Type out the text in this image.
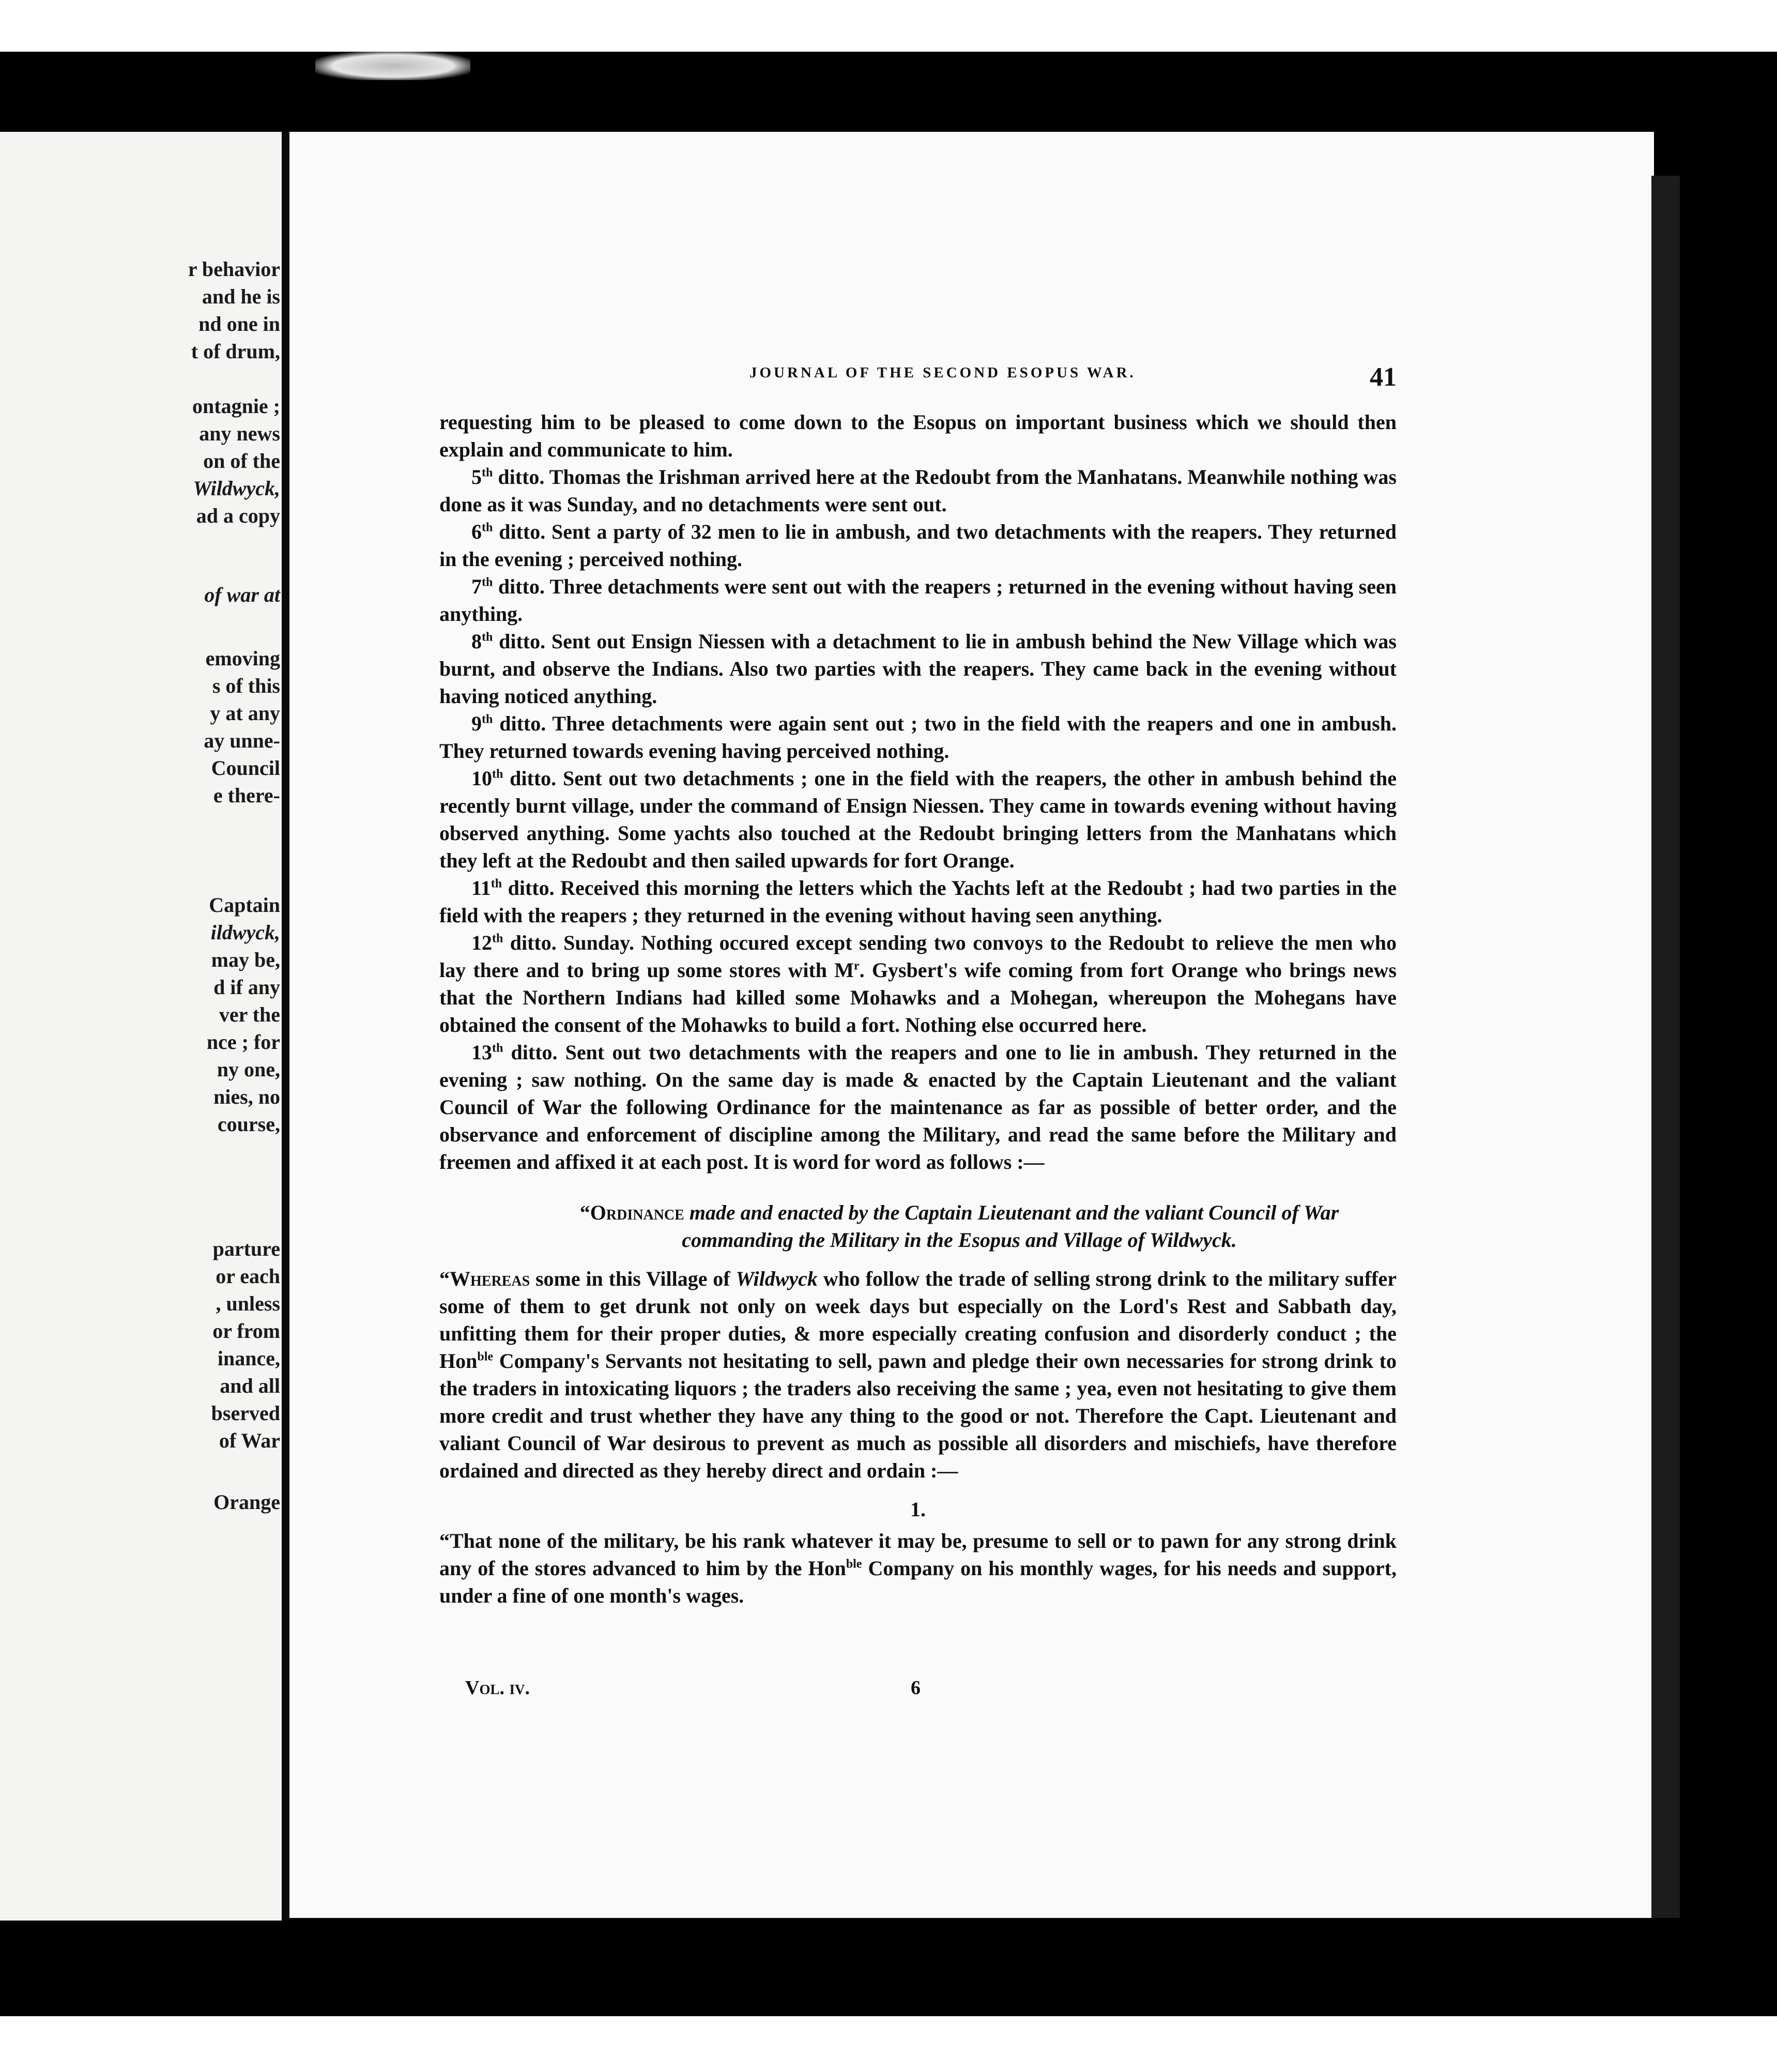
r behavior
and he is
nd one in
t of drum,
ontagnie ;
any news
on of the
Wildwyck,
ad a copy
of war at
emoving
s of this
y at any
ay unne-
Council
e there-
Captain
ildwyck,
may be,
d if any
ver the
nce ; for
ny one,
nies, no
course,
parture
or each
, unless
or from
inance,
and all
bserved
of War
Orange
JOURNAL OF THE SECOND ESOPUS WAR.	41

requesting him to be pleased to come down to the Esopus on important business which we should then explain and communicate to him.

5th ditto. Thomas the Irishman arrived here at the Redoubt from the Manhatans. Meanwhile nothing was done as it was Sunday, and no detachments were sent out.

6th ditto. Sent a party of 32 men to lie in ambush, and two detachments with the reapers. They returned in the evening ; perceived nothing.

7th ditto. Three detachments were sent out with the reapers ; returned in the evening without having seen anything.

8th ditto. Sent out Ensign Niessen with a detachment to lie in ambush behind the New Village which was burnt, and observe the Indians. Also two parties with the reapers. They came back in the evening without having noticed anything.

9th ditto. Three detachments were again sent out ; two in the field with the reapers and one in ambush. They returned towards evening having perceived nothing.

10th ditto. Sent out two detachments ; one in the field with the reapers, the other in ambush behind the recently burnt village, under the command of Ensign Niessen. They came in towards evening without having observed anything. Some yachts also touched at the Redoubt bringing letters from the Manhatans which they left at the Redoubt and then sailed upwards for fort Orange.

11th ditto. Received this morning the letters which the Yachts left at the Redoubt ; had two parties in the field with the reapers ; they returned in the evening without having seen anything.

12th ditto. Sunday. Nothing occured except sending two convoys to the Redoubt to relieve the men who lay there and to bring up some stores with $M^r$. Gysbert's wife coming from fort Orange who brings news that the Northern Indians had killed some Mohawks and a Mohegan, whereupon the Mohegans have obtained the consent of the Mohawks to build a fort. Nothing else occurred here.

13th ditto. Sent out two detachments with the reapers and one to lie in ambush. They returned in the evening ; saw nothing. On the same day is made & enacted by the Captain Lieutenant and the valiant Council of War the following Ordinance for the maintenance as far as possible of better order, and the observance and enforcement of discipline among the Military, and read the same before the Military and freemen and affixed it at each post. It is word for word as follows :—

“Ordinance made and enacted by the Captain Lieutenant and the valiant Council of War commanding the Military in the Esopus and Village of Wildwyck.

“Whereas some in this Village of Wildwyck who follow the trade of selling strong drink to the military suffer some of them to get drunk not only on week days but especially on the Lord's Rest and Sabbath day, unfitting them for their proper duties, & more especially creating confusion and disorderly conduct ; the Hon$^{ble}$ Company's Servants not hesitating to sell, pawn and pledge their own necessaries for strong drink to the traders in intoxicating liquors ; the traders also receiving the same ; yea, even not hesitating to give them more credit and trust whether they have any thing to the good or not. Therefore the Capt. Lieutenant and valiant Council of War desirous to prevent as much as possible all disorders and mischiefs, have therefore ordained and directed as they hereby direct and ordain :—

1.

“That none of the military, be his rank whatever it may be, presume to sell or to pawn for any strong drink any of the stores advanced to him by the Hon$^{ble}$ Company on his monthly wages, for his needs and support, under a fine of one month's wages.

Vol. iv.	6
